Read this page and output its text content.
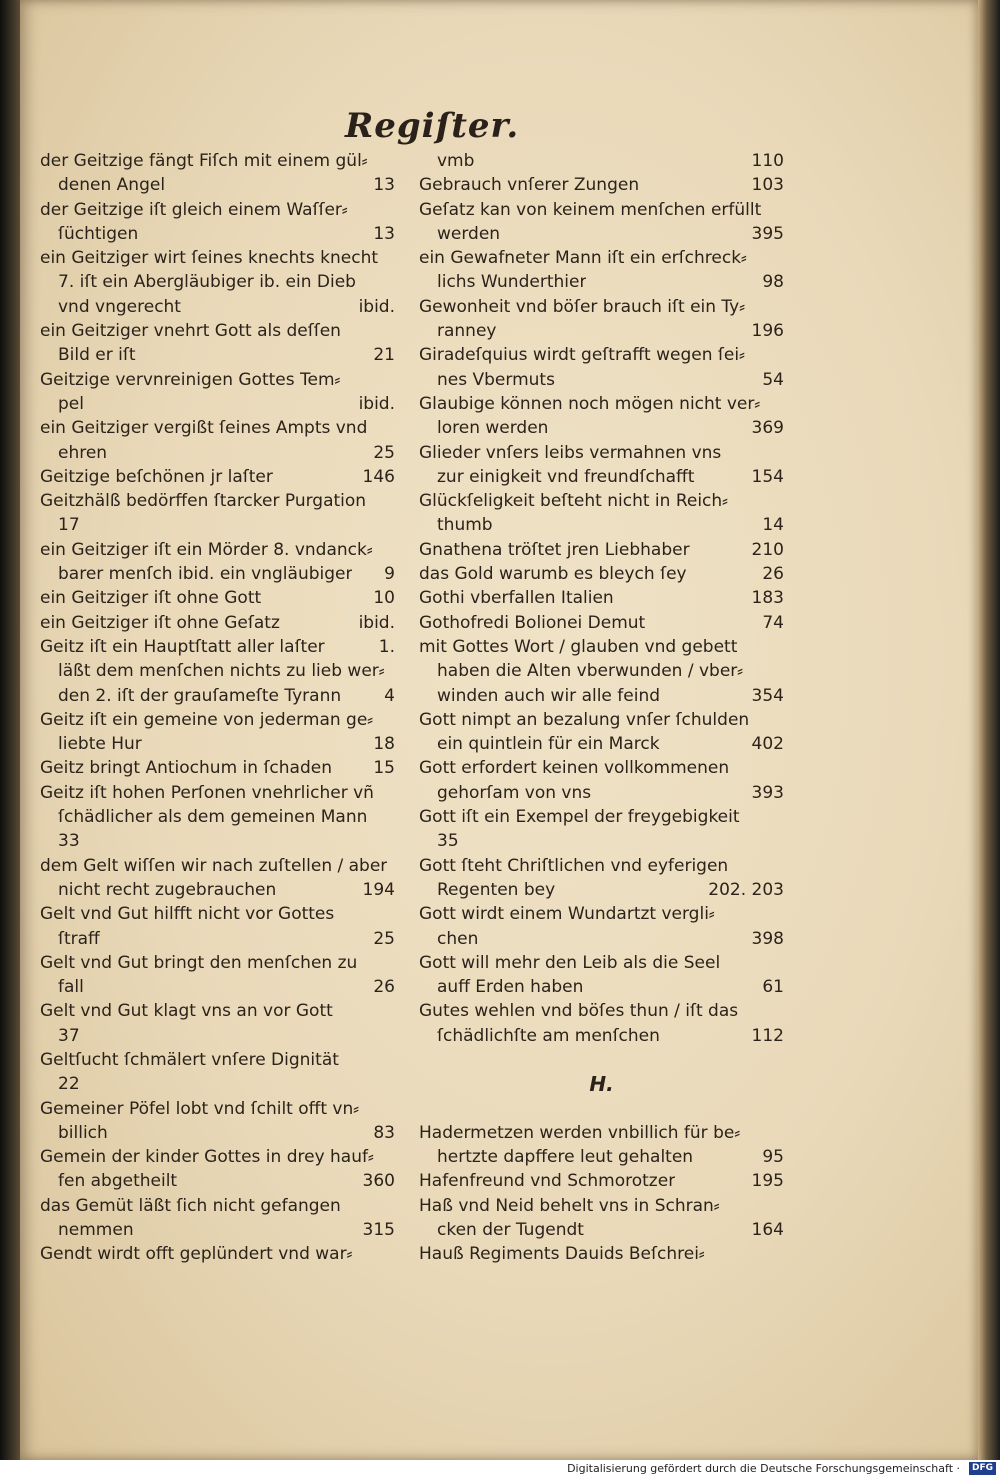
Regiſter.
der Geitzige fängt Fiſch mit einem gül⸗
denen Angel	13
der Geitzige iſt gleich einem Waſſer⸗
ſüchtigen	13
ein Geitziger wirt ſeines knechts knecht
7. iſt ein Abergläubiger ib. ein Dieb
vnd vngerecht	ibid.
ein Geitziger vnehrt Gott als deſſen
Bild er iſt	21
Geitzige vervnreinigen Gottes Tem⸗
pel	ibid.
ein Geitziger vergißt ſeines Ampts vnd
ehren	25
Geitzige beſchönen jr laſter	146
Geitzhälß bedörffen ſtarcker Purgation
17
ein Geitziger iſt ein Mörder 8. vndanck⸗
barer menſch ibid. ein vngläubiger	9
ein Geitziger iſt ohne Gott	10
ein Geitziger iſt ohne Geſatz	ibid.
Geitz iſt ein Hauptſtatt aller laſter	1.
läßt dem menſchen nichts zu lieb wer⸗
den 2. iſt der grauſameſte Tyrann	4
Geitz iſt ein gemeine von jederman ge⸗
liebte Hur	18
Geitz bringt Antiochum in ſchaden	15
Geitz iſt hohen Perſonen vnehrlicher vñ
ſchädlicher als dem gemeinen Mann
33
dem Gelt wiſſen wir nach zuſtellen / aber
nicht recht zugebrauchen	194
Gelt vnd Gut hilfft nicht vor Gottes
ſtraff	25
Gelt vnd Gut bringt den menſchen zu
fall	26
Gelt vnd Gut klagt vns an vor Gott
37
Geltſucht ſchmälert vnſere Dignität
22
Gemeiner Pöfel lobt vnd ſchilt offt vn⸗
billich	83
Gemein der kinder Gottes in drey hauf⸗
fen abgetheilt	360
das Gemüt läßt ſich nicht gefangen
nemmen	315
Gendt wirdt offt geplündert vnd war⸗
vmb	110
Gebrauch vnſerer Zungen	103
Geſatz kan von keinem menſchen erfüllt
werden	395
ein Gewafneter Mann iſt ein erſchreck⸗
lichs Wunderthier	98
Gewonheit vnd böſer brauch iſt ein Ty⸗
ranney	196
Giradeſquius wirdt geſtrafft wegen ſei⸗
nes Vbermuts	54
Glaubige können noch mögen nicht ver⸗
loren werden	369
Glieder vnſers leibs vermahnen vns
zur einigkeit vnd freundſchafft	154
Glückſeligkeit beſteht nicht in Reich⸗
thumb	14
Gnathena tröſtet jren Liebhaber	210
das Gold warumb es bleych ſey	26
Gothi vberfallen Italien	183
Gothofredi Bolionei Demut	74
mit Gottes Wort / glauben vnd gebett
haben die Alten vberwunden / vber⸗
winden auch wir alle feind	354
Gott nimpt an bezalung vnſer ſchulden
ein quintlein für ein Marck	402
Gott erfordert keinen vollkommenen
gehorſam von vns	393
Gott iſt ein Exempel der freygebigkeit
35
Gott ſteht Chriſtlichen vnd eyferigen
Regenten bey	202. 203
Gott wirdt einem Wundartzt vergli⸗
chen	398
Gott will mehr den Leib als die Seel
auff Erden haben	61
Gutes wehlen vnd böſes thun / iſt das
ſchädlichſte am menſchen	112
H.
Hadermetzen werden vnbillich für be⸗
hertzte dapffere leut gehalten	95
Hafenfreund vnd Schmorotzer	195
Haß vnd Neid behelt vns in Schran⸗
cken der Tugendt	164
Hauß Regiments Dauids Beſchrei⸗
Digitalisierung gefördert durch die Deutsche Forschungsgemeinschaft ·	DFG
